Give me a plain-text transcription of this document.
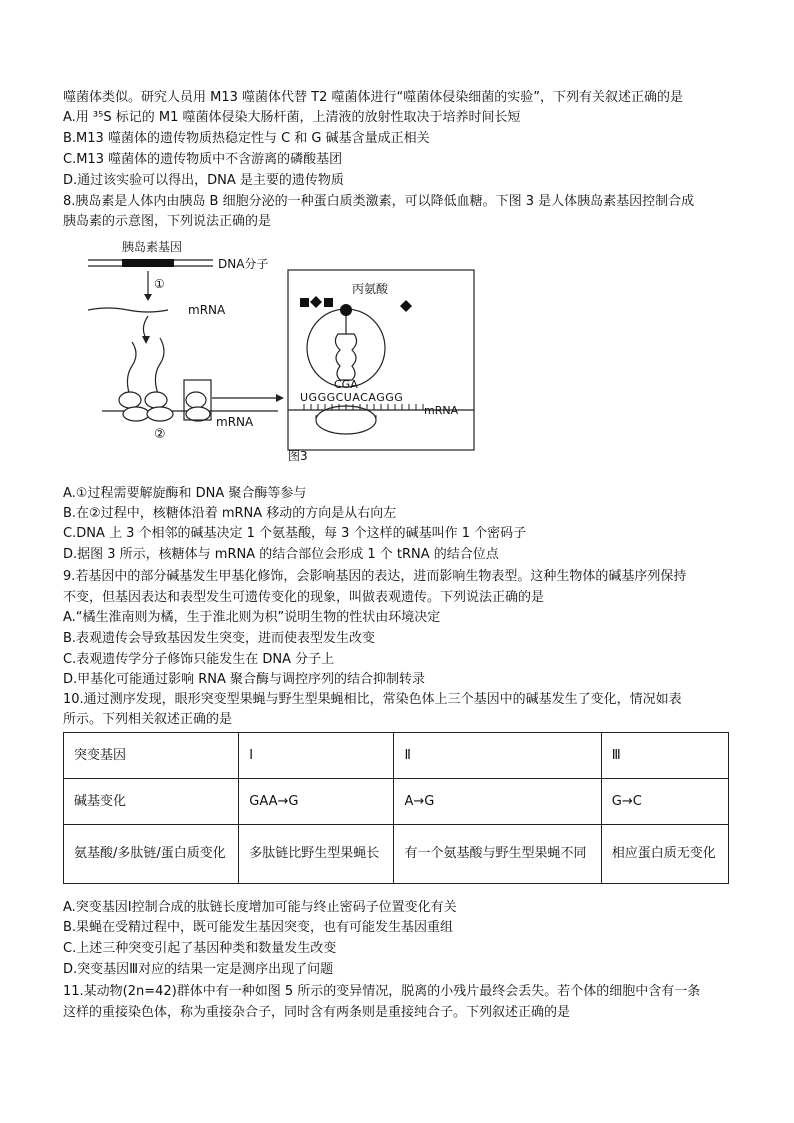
噬菌体类似。研究人员用 M13 噬菌体代替 T2 噬菌体进行“噬菌体侵染细菌的实验”，下列有关叙述正确的是
A.用 ³⁵S 标记的 M1 噬菌体侵染大肠杆菌，上清液的放射性取决于培养时间长短
B.M13 噬菌体的遗传物质热稳定性与 C 和 G 碱基含量成正相关
C.M13 噬菌体的遗传物质中不含游离的磷酸基团
D.通过该实验可以得出，DNA 是主要的遗传物质
8.胰岛素是人体内由胰岛 B 细胞分泌的一种蛋白质类激素，可以降低血糖。下图 3 是人体胰岛素基因控制合成
胰岛素的示意图，下列说法正确的是
胰岛素基因
DNA分子
①
mRNA
②
mRNA
丙氨酸
CGA
UGGGCUACAGGG
mRNA
图3
A.①过程需要解旋酶和 DNA 聚合酶等参与
B.在②过程中，核糖体沿着 mRNA 移动的方向是从右向左
C.DNA 上 3 个相邻的碱基决定 1 个氨基酸，每 3 个这样的碱基叫作 1 个密码子
D.据图 3 所示，核糖体与 mRNA 的结合部位会形成 1 个 tRNA 的结合位点
9.若基因中的部分碱基发生甲基化修饰，会影响基因的表达，进而影响生物表型。这种生物体的碱基序列保持
不变，但基因表达和表型发生可遗传变化的现象，叫做表观遗传。下列说法正确的是
A.“橘生淮南则为橘，生于淮北则为枳”说明生物的性状由环境决定
B.表观遗传会导致基因发生突变，进而使表型发生改变
C.表观遗传学分子修饰只能发生在 DNA 分子上
D.甲基化可能通过影响 RNA 聚合酶与调控序列的结合抑制转录
10.通过测序发现，眼形突变型果蝇与野生型果蝇相比，常染色体上三个基因中的碱基发生了变化，情况如表
所示。下列相关叙述正确的是
突变基因	Ⅰ	Ⅱ	Ⅲ
碱基变化	GAA→G	A→G	G→C
氨基酸/多肽链/蛋白质变化	多肽链比野生型果蝇长	有一个氨基酸与野生型果蝇不同	相应蛋白质无变化
A.突变基因Ⅰ控制合成的肽链长度增加可能与终止密码子位置变化有关
B.果蝇在受精过程中，既可能发生基因突变，也有可能发生基因重组
C.上述三种突变引起了基因种类和数量发生改变
D.突变基因Ⅲ对应的结果一定是测序出现了问题
11.某动物(2n=42)群体中有一种如图 5 所示的变异情况，脱离的小残片最终会丢失。若个体的细胞中含有一条
这样的重接染色体，称为重接杂合子，同时含有两条则是重接纯合子。下列叙述正确的是
